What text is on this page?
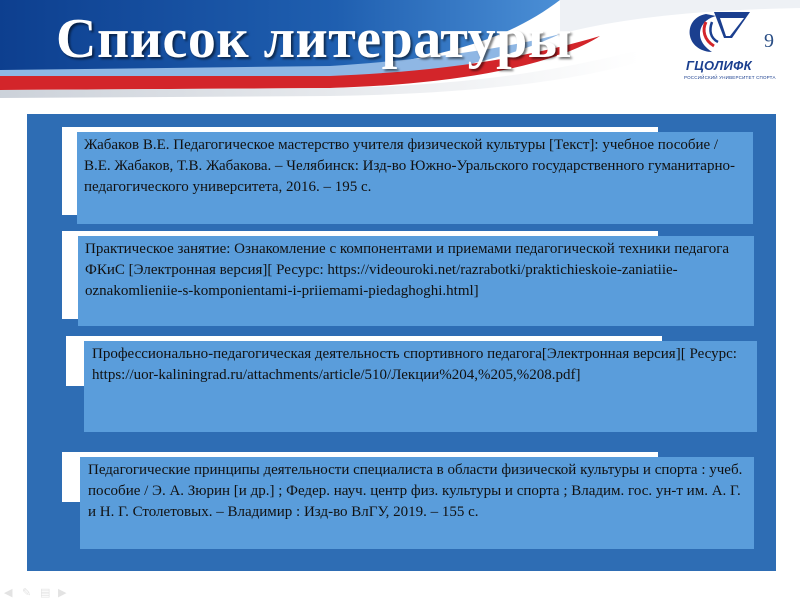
Список литературы	ГЦОЛИФК
РОССИЙСКИЙ УНИВЕРСИТЕТ СПОРТА
9
Жабаков В.Е. Педагогическое мастерство учителя физической культуры [Текст]: учебное пособие / В.Е. Жабаков, Т.В. Жабакова. – Челябинск: Изд-во Южно-Уральского государственного гуманитарно-педагогического университета, 2016. – 195 с.
Практическое занятие: Ознакомление с компонентами и приемами педагогической техники педагога ФКиС [Электронная версия][ Ресурс: https://videouroki.net/razrabotki/praktichieskoie-zaniatiie-oznakomlieniie-s-komponientami-i-priiemami-piedaghoghi.html]
Профессионально-педагогическая деятельность спортивного педагога[Электронная версия][ Ресурс: https://uor-kaliningrad.ru/attachments/article/510/Лекции%204,%205,%208.pdf]
Педагогические принципы деятельности специалиста в области физической культуры и спорта : учеб. пособие / Э. А. Зюрин [и др.] ; Федер. науч. центр физ. культуры и спорта ; Владим. гос. ун-т им. А. Г. и Н. Г. Столетовых. – Владимир : Изд-во ВлГУ, 2019. – 155 с.
◀ ✎ ▤ ▶
